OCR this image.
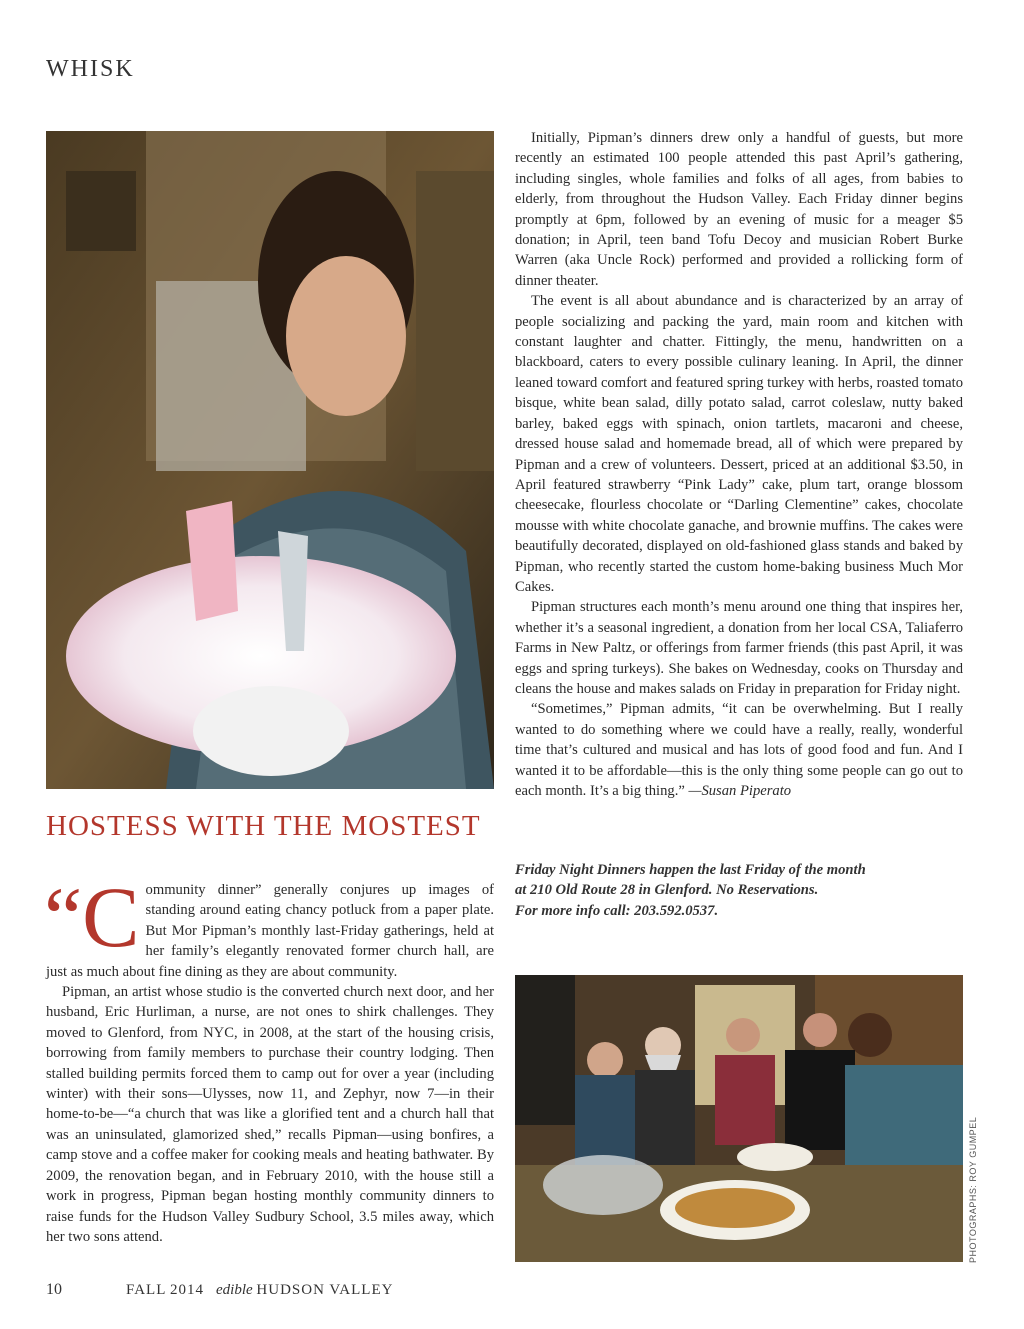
WHISK
HOSTESS WITH THE MOSTEST

“Community dinner” generally conjures up images of standing around eating chancy potluck from a paper plate. But Mor Pipman’s monthly last-Friday gatherings, held at her family’s elegantly renovated former church hall, are just as much about fine dining as they are about community.

Pipman, an artist whose studio is the converted church next door, and her husband, Eric Hurliman, a nurse, are not ones to shirk challenges. They moved to Glenford, from NYC, in 2008, at the start of the housing crisis, borrowing from family members to purchase their country lodging. Then stalled building permits forced them to camp out for over a year (including winter) with their sons—Ulysses, now 11, and Zephyr, now 7—in their home-to-be—“a church that was like a glorified tent and a church hall that was an uninsulated, glamorized shed,” recalls Pipman—using bonfires, a camp stove and a coffee maker for cooking meals and heating bathwater. By 2009, the renovation began, and in February 2010, with the house still a work in progress, Pipman began hosting monthly community dinners to raise funds for the Hudson Valley Sudbury School, 3.5 miles away, which her two sons attend.

Initially, Pipman’s dinners drew only a handful of guests, but more recently an estimated 100 people attended this past April’s gathering, including singles, whole families and folks of all ages, from babies to elderly, from throughout the Hudson Valley. Each Friday dinner begins promptly at 6pm, followed by an evening of music for a meager $5 donation; in April, teen band Tofu Decoy and musician Robert Burke Warren (aka Uncle Rock) performed and provided a rollicking form of dinner theater.

The event is all about abundance and is characterized by an array of people socializing and packing the yard, main room and kitchen with constant laughter and chatter. Fittingly, the menu, handwritten on a blackboard, caters to every possible culinary leaning. In April, the dinner leaned toward comfort and featured spring turkey with herbs, roasted tomato bisque, white bean salad, dilly potato salad, carrot coleslaw, nutty baked barley, baked eggs with spinach, onion tartlets, macaroni and cheese, dressed house salad and homemade bread, all of which were prepared by Pipman and a crew of volunteers. Dessert, priced at an additional $3.50, in April featured strawberry “Pink Lady” cake, plum tart, orange blossom cheesecake, flourless chocolate or “Darling Clementine” cakes, chocolate mousse with white chocolate ganache, and brownie muffins. The cakes were beautifully decorated, displayed on old-fashioned glass stands and baked by Pipman, who recently started the custom home-baking business Much Mor Cakes.

Pipman structures each month’s menu around one thing that inspires her, whether it’s a seasonal ingredient, a donation from her local CSA, Taliaferro Farms in New Paltz, or offerings from farmer friends (this past April, it was eggs and spring turkeys). She bakes on Wednesday, cooks on Thursday and cleans the house and makes salads on Friday in preparation for Friday night.

“Sometimes,” Pipman admits, “it can be overwhelming. But I really wanted to do something where we could have a really, really, wonderful time that’s cultured and musical and has lots of good food and fun. And I wanted it to be affordable—this is the only thing some people can go out to each month. It’s a big thing.” —Susan Piperato

Friday Night Dinners happen the last Friday of the month
at 210 Old Route 28 in Glenford. No Reservations.
For more info call: 203.592.0537.
PHOTOGRAPHS: ROY GUMPEL
10	FALL 2014 edible HUDSON VALLEY
